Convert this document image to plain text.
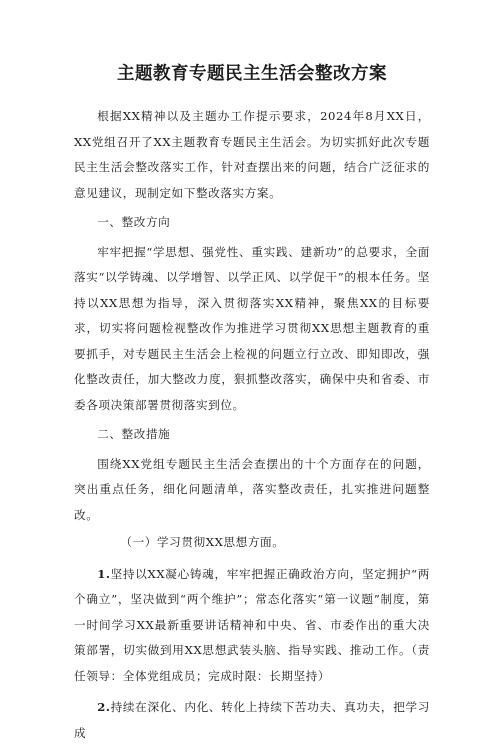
主题教育专题民主生活会整改方案

根据XX精神以及主题办工作提示要求，2024年8月XX日，XX党组召开了XX主题教育专题民主生活会。为切实抓好此次专题民主生活会整改落实工作，针对查摆出来的问题，结合广泛征求的意见建议，现制定如下整改落实方案。

一、整改方向

牢牢把握“学思想、强党性、重实践、建新功”的总要求，全面落实“以学铸魂、以学增智、以学正风、以学促干”的根本任务。坚持以XX思想为指导，深入贯彻落实XX精神，聚焦XX的目标要求，切实将问题检视整改作为推进学习贯彻XX思想主题教育的重要抓手，对专题民主生活会上检视的问题立行立改、即知即改，强化整改责任，加大整改力度，狠抓整改落实，确保中央和省委、市委各项决策部署贯彻落实到位。

二、整改措施

围绕XX党组专题民主生活会查摆出的十个方面存在的问题，突出重点任务，细化问题清单，落实整改责任，扎实推进问题整改。

（一）学习贯彻XX思想方面。

1.坚持以XX凝心铸魂，牢牢把握正确政治方向，坚定拥护“两个确立”，坚决做到“两个维护”；常态化落实“第一议题”制度，第一时间学习XX最新重要讲话精神和中央、省、市委作出的重大决策部署，切实做到用XX思想武装头脑、指导实践、推动工作。（责任领导：全体党组成员；完成时限：长期坚持）

2.持续在深化、内化、转化上持续下苦功夫、真功夫，把学习成
